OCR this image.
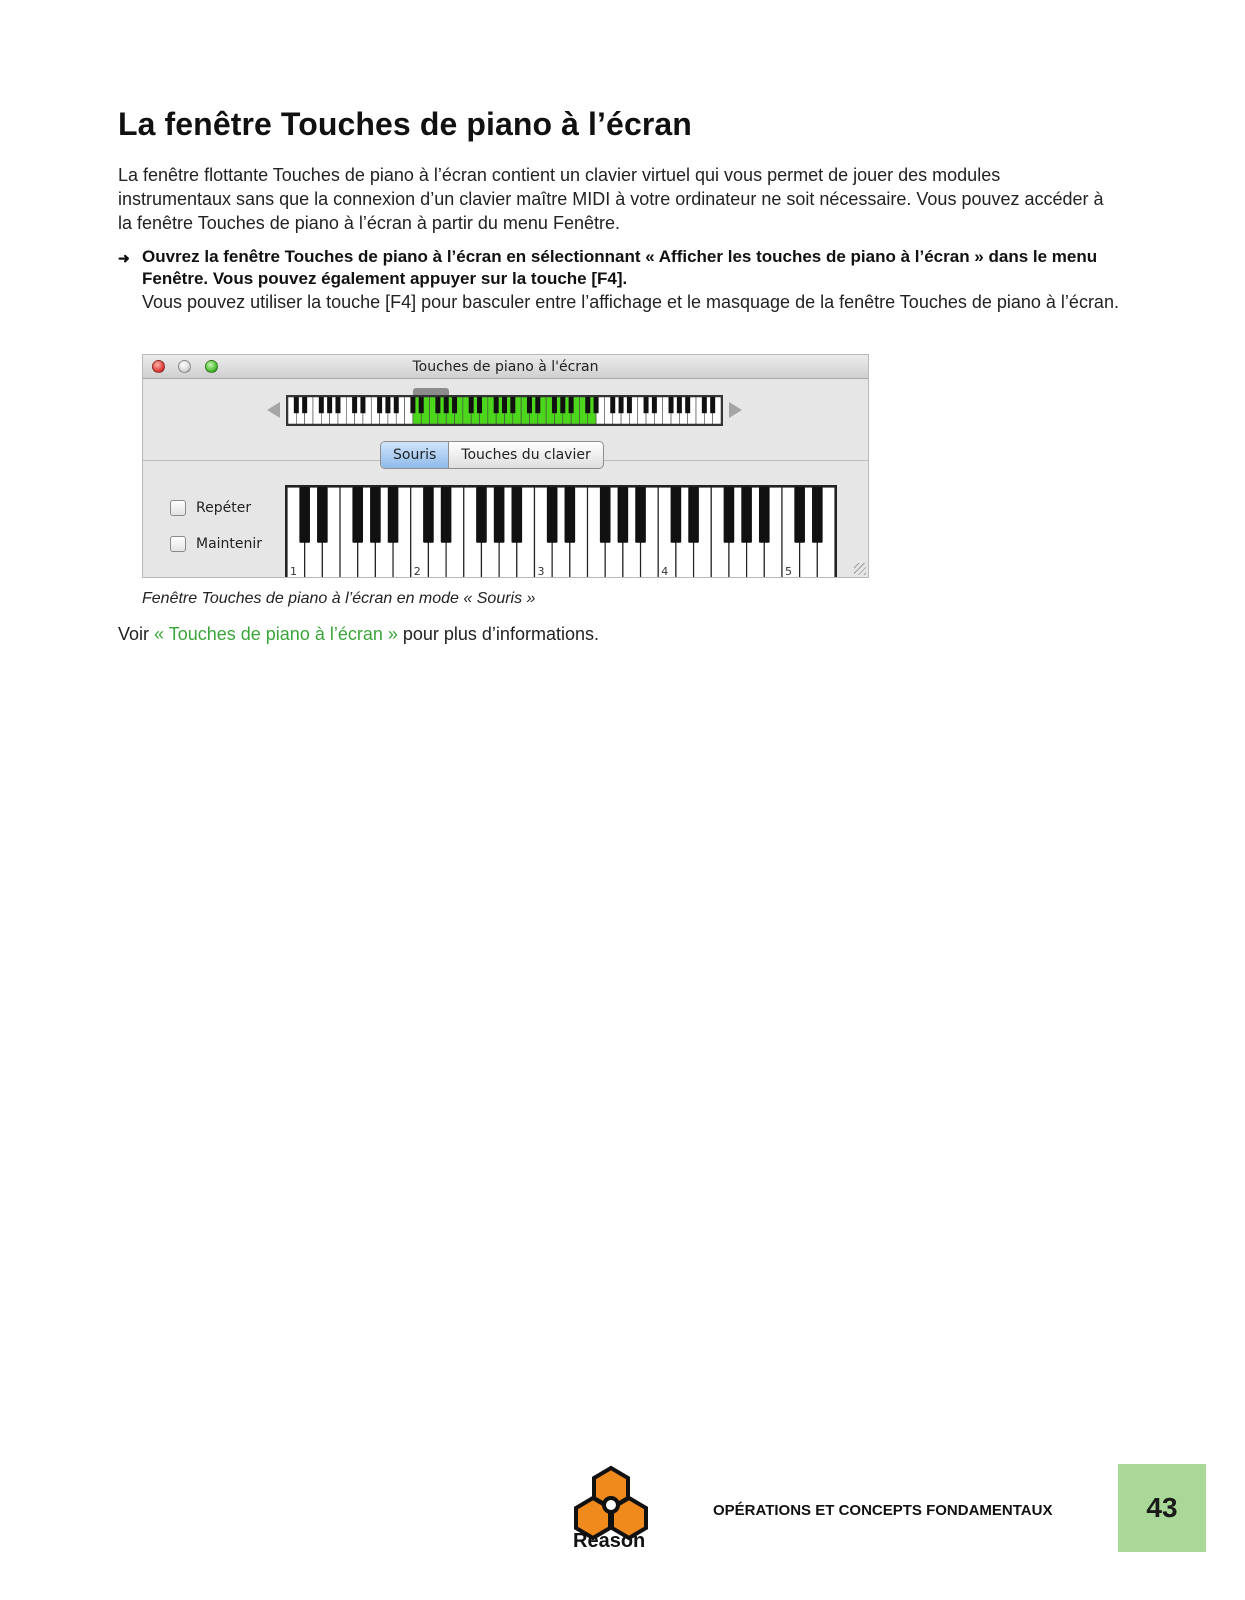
La fenêtre Touches de piano à l’écran

La fenêtre flottante Touches de piano à l’écran contient un clavier virtuel qui vous permet de jouer des modules instrumentaux sans que la connexion d’un clavier maître MIDI à votre ordinateur ne soit nécessaire. Vous pouvez accéder à la fenêtre Touches de piano à l’écran à partir du menu Fenêtre.

➜ Ouvrez la fenêtre Touches de piano à l’écran en sélectionnant « Afficher les touches de piano à l’écran » dans le menu Fenêtre. Vous pouvez également appuyer sur la touche [F4].

Vous pouvez utiliser la touche [F4] pour basculer entre l’affichage et le masquage de la fenêtre Touches de piano à l’écran.

Touches de piano à l'écran
Souris	Touches du clavier
Repéter
Maintenir
1	2	3	4	5

Fenêtre Touches de piano à l’écran en mode « Souris »

Voir « Touches de piano à l’écran » pour plus d’informations.

Reason
OPÉRATIONS ET CONCEPTS FONDAMENTAUX	43
